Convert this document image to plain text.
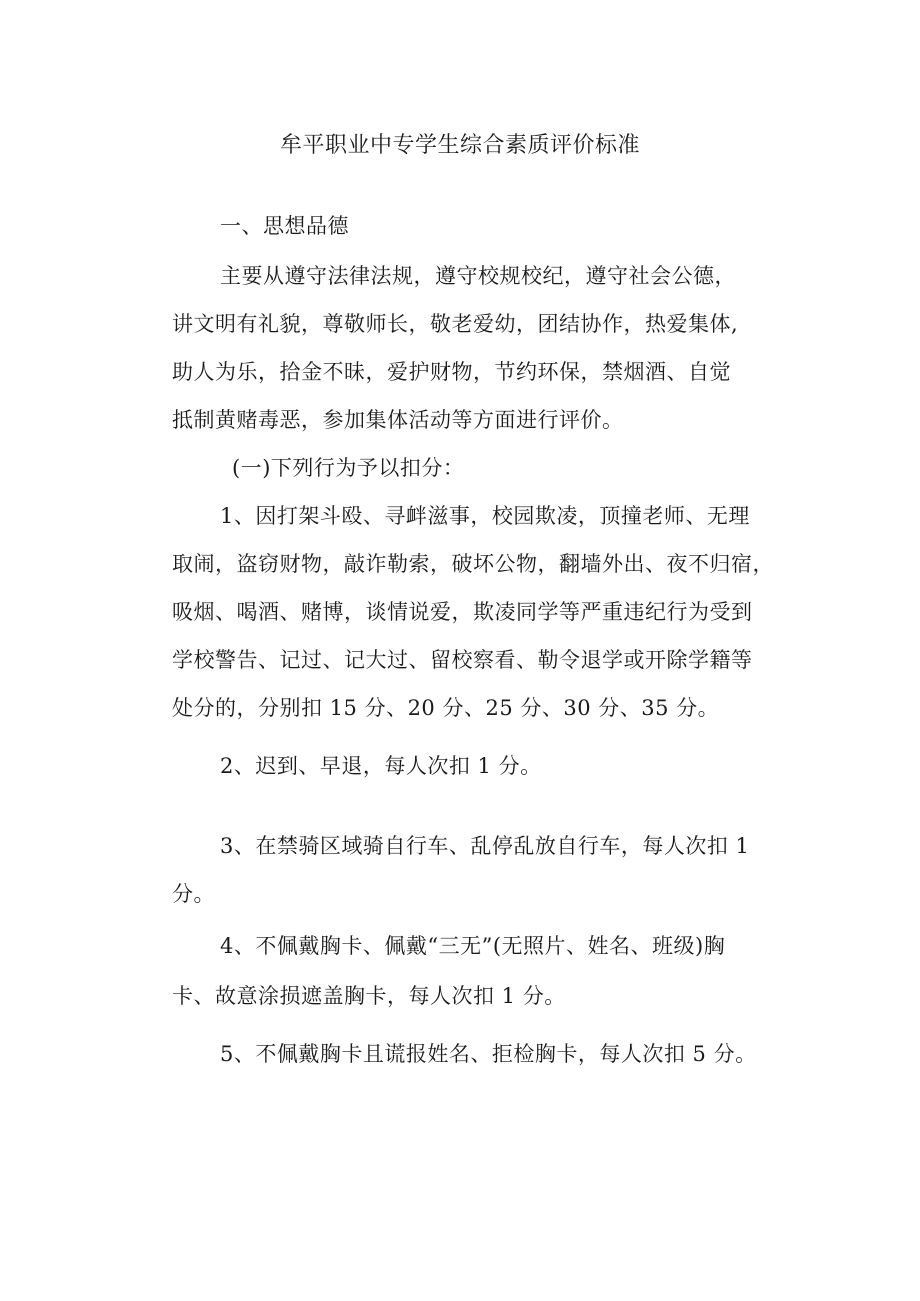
牟平职业中专学生综合素质评价标准
一、思想品德
主要从遵守法律法规，遵守校规校纪，遵守社会公德，
讲文明有礼貌，尊敬师长，敬老爱幼，团结协作，热爱集体,
助人为乐，拾金不昧，爱护财物，节约环保，禁烟酒、自觉
抵制黄赌毒恶，参加集体活动等方面进行评价。
(一)下列行为予以扣分：
1、因打架斗殴、寻衅滋事，校园欺凌，顶撞老师、无理
取闹，盗窃财物，敲诈勒索，破坏公物，翻墙外出、夜不归宿，
吸烟、喝酒、赌博，谈情说爱，欺凌同学等严重违纪行为受到
学校警告、记过、记大过、留校察看、勒令退学或开除学籍等
处分的，分别扣 15 分、20 分、25 分、30 分、35 分。
2、迟到、早退，每人次扣 1 分。
3、在禁骑区域骑自行车、乱停乱放自行车，每人次扣 1
分。
4、不佩戴胸卡、佩戴“三无”(无照片、姓名、班级)胸
卡、故意涂损遮盖胸卡，每人次扣 1 分。
5、不佩戴胸卡且谎报姓名、拒检胸卡，每人次扣 5 分。
